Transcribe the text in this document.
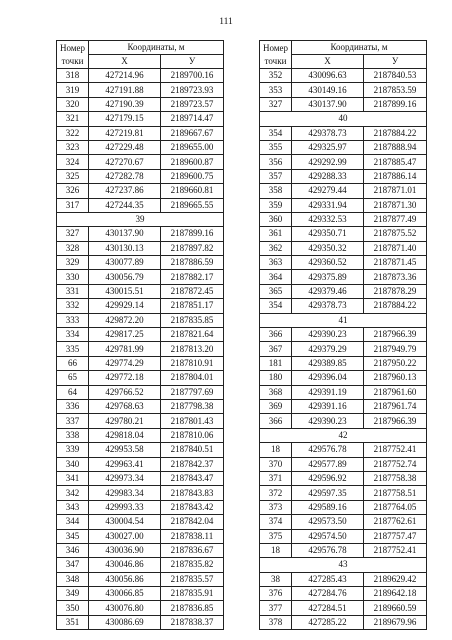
111
Номер
точки	Координаты, м	
	X	У
318	427214.96	2189700.16
319	427191.88	2189723.93
320	427190.39	2189723.57
321	427179.15	2189714.47
322	427219.81	2189667.67
323	427229.48	2189655.00
324	427270.67	2189600.87
325	427282.78	2189600.75
326	427237.86	2189660.81
317	427244.35	2189665.55
39		
327	430137.90	2187899.16
328	430130.13	2187897.82
329	430077.89	2187886.59
330	430056.79	2187882.17
331	430015.51	2187872.45
332	429929.14	2187851.17
333	429872.20	2187835.85
334	429817.25	2187821.64
335	429781.99	2187813.20
66	429774.29	2187810.91
65	429772.18	2187804.01
64	429766.52	2187797.69
336	429768.63	2187798.38
337	429780.21	2187801.43
338	429818.04	2187810.06
339	429953.58	2187840.51
340	429963.41	2187842.37
341	429973.34	2187843.47
342	429983.34	2187843.83
343	429993.33	2187843.42
344	430004.54	2187842.04
345	430027.00	2187838.11
346	430036.90	2187836.67
347	430046.86	2187835.82
348	430056.86	2187835.57
349	430066.85	2187835.91
350	430076.80	2187836.85
351	430086.69	2187838.37
Номер
точки	Координаты, м	
	X	У
352	430096.63	2187840.53
353	430149.16	2187853.59
327	430137.90	2187899.16
40		
354	429378.73	2187884.22
355	429325.97	2187888.94
356	429292.99	2187885.47
357	429288.33	2187886.14
358	429279.44	2187871.01
359	429331.94	2187871.30
360	429332.53	2187877.49
361	429350.71	2187875.52
362	429350.32	2187871.40
363	429360.52	2187871.45
364	429375.89	2187873.36
365	429379.46	2187878.29
354	429378.73	2187884.22
41		
366	429390.23	2187966.39
367	429379.29	2187949.79
181	429389.85	2187950.22
180	429396.04	2187960.13
368	429391.19	2187961.60
369	429391.16	2187961.74
366	429390.23	2187966.39
42		
18	429576.78	2187752.41
370	429577.89	2187752.74
371	429596.92	2187758.38
372	429597.35	2187758.51
373	429589.16	2187764.05
374	429573.50	2187762.61
375	429574.50	2187757.47
18	429576.78	2187752.41
43		
38	427285.43	2189629.42
376	427284.76	2189642.18
377	427284.51	2189660.59
378	427285.22	2189679.96
